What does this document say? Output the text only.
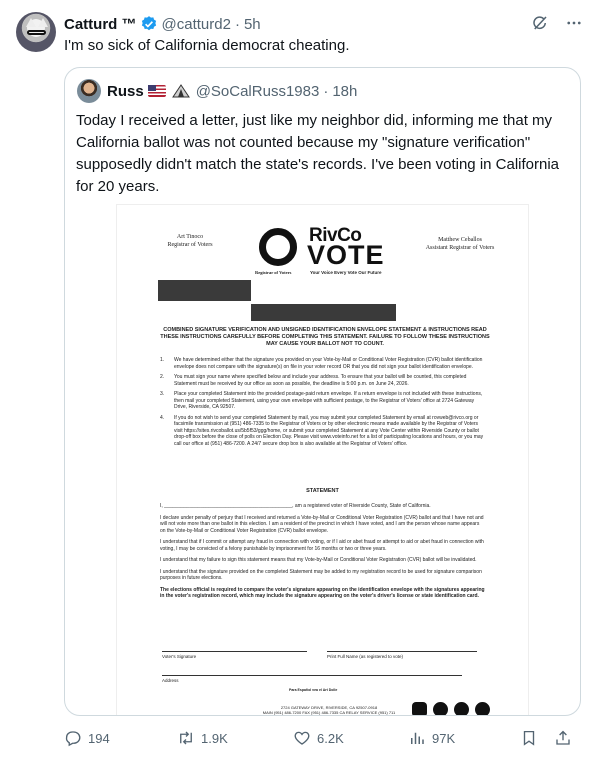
Catturd ™ @catturd2 · 5h
I'm so sick of California democrat cheating.
Russ	@SoCalRuss1983 · 18h
Today I received a letter, just like my neighbor did, informing me that my California ballot was not counted because my "signature verification" supposedly didn't match the state's records. I've been voting in California for 20 years.
Art Tinoco
Registrar of Voters
Registrar of Voters
RivCo
VOTE
Your Voice Every Vote Our Future
Matthew Ceballos
Assistant Registrar of Voters
COMBINED SIGNATURE VERIFICATION AND UNSIGNED IDENTIFICATION ENVELOPE STATEMENT & INSTRUCTIONS READ THESE INSTRUCTIONS CAREFULLY BEFORE COMPLETING THIS STATEMENT. FAILURE TO FOLLOW THESE INSTRUCTIONS MAY CAUSE YOUR BALLOT NOT TO COUNT.
1.	We have determined either that the signature you provided on your Vote-by-Mail or Conditional Voter Registration (CVR) ballot identification envelope does not compare with the signature(s) on file in your voter record OR that you did not sign your ballot identification envelope.
2.	You must sign your name where specified below and include your address. To ensure that your ballot will be counted, this completed Statement must be received by our office as soon as possible, the deadline is 5:00 p.m. on June 24, 2026.
3.	Place your completed Statement into the provided postage-paid return envelope. If a return envelope is not included with these instructions, then mail your completed Statement, using your own envelope with sufficient postage, to the Registrar of Voters' office at 2724 Gateway Drive, Riverside, CA 92507.
4.	If you do not wish to send your completed Statement by mail, you may submit your completed Statement by email at rovweb@rivco.org or facsimile transmission at (951) 486-7335 to the Registrar of Voters or by other electronic means made available by the Registrar of Voters visit https://sites.rivcoballot.us/5b5f53/ggg/home, or submit your completed Statement at any Vote Center within Riverside County or ballot drop-off box before the close of polls on Election Day. Please visit www.voteinfo.net for a list of participating locations and hours, or you may call our office at (951) 486-7200. A 24/7 secure drop box is also available at the Registrar of Voters' office.
STATEMENT

I, ______________________________________________, am a registered voter of Riverside County, State of California.

I declare under penalty of perjury that I received and returned a Vote-by-Mail or Conditional Voter Registration (CVR) ballot and that I have not and will not vote more than one ballot in this election. I am a resident of the precinct in which I have voted, and I am the person whose name appears on the Vote-by-Mail or Conditional Voter Registration (CVR) ballot envelope.

I understand that if I commit or attempt any fraud in connection with voting, or if I aid or abet fraud or attempt to aid or abet fraud in connection with voting, I may be convicted of a felony punishable by imprisonment for 16 months or two or three years.

I understand that my failure to sign this statement means that my Vote-by-Mail or Conditional Voter Registration (CVR) ballot will be invalidated.

I understand that the signature provided on the completed Statement may be added to my registration record to be used for signature comparison purposes in future elections.

The elections official is required to compare the voter's signature appearing on the identification envelope with the signatures appearing in the voter's registration record, which may include the signature appearing on the voter's driver's license or state identification card.

Voter's Signature	Print Full Name (as registered to vote)
Address
Para Español vea el Art Dolle
2724 GATEWAY DRIVE, RIVERSIDE, CA 92507-0918
MAIN (951) 486-7200 FAX (951) 486-7335 CA RELAY SERVICE (951) 711
194	1.9K	6.2K	97K
